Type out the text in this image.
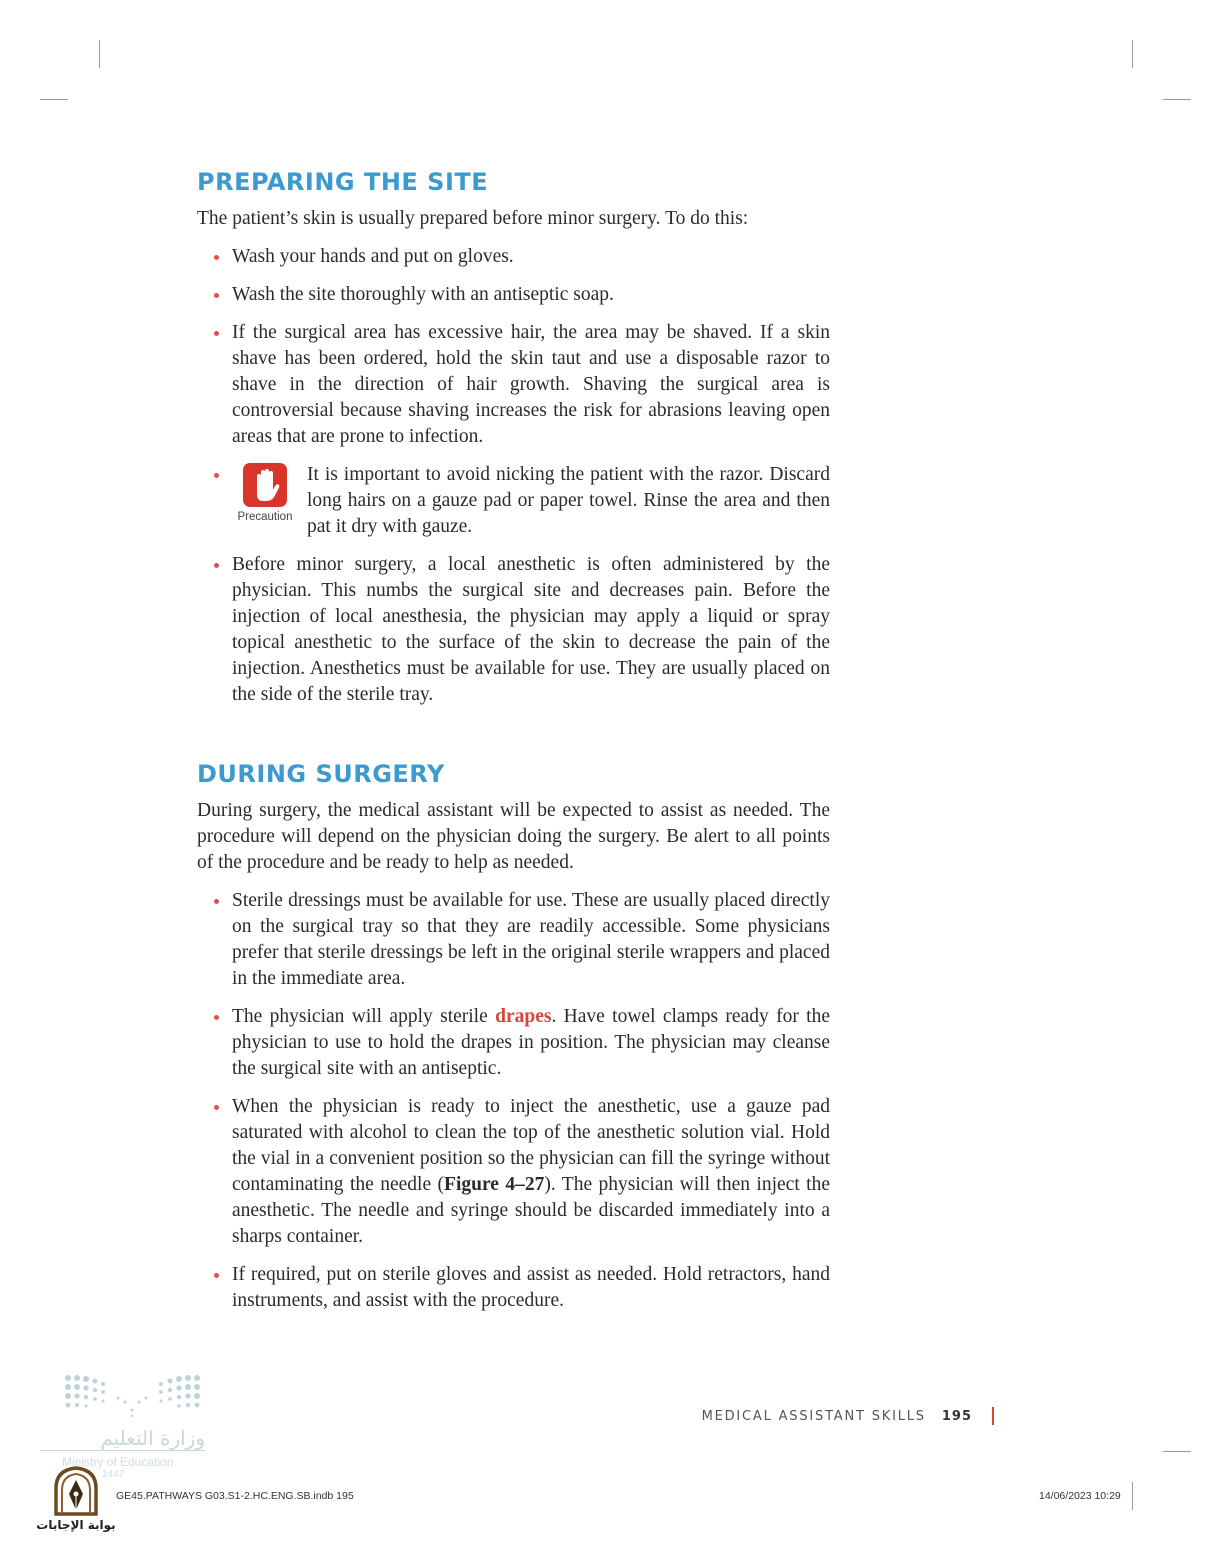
PREPARING THE SITE

The patient’s skin is usually prepared before minor surgery. To do this:

Wash your hands and put on gloves.
Wash the site thoroughly with an antiseptic soap.
If the surgical area has excessive hair, the area may be shaved. If a skin shave has been ordered, hold the skin taut and use a disposable razor to shave in the direction of hair growth. Shaving the surgical area is controversial because shaving increases the risk for abrasions leaving open areas that are prone to infection.
Precaution
It is important to avoid nicking the patient with the razor. Discard long hairs on a gauze pad or paper towel. Rinse the area and then pat it dry with gauze.
Before minor surgery, a local anesthetic is often administered by the physician. This numbs the surgical site and decreases pain. Before the injection of local anesthesia, the physician may apply a liquid or spray topical anesthetic to the surface of the skin to decrease the pain of the injection. Anesthetics must be available for use. They are usually placed on the side of the sterile tray.
DURING SURGERY

During surgery, the medical assistant will be expected to assist as needed. The procedure will depend on the physician doing the surgery. Be alert to all points of the procedure and be ready to help as needed.

Sterile dressings must be available for use. These are usually placed directly on the surgical tray so that they are readily accessible. Some physicians prefer that sterile dressings be left in the original sterile wrappers and placed in the immediate area.
The physician will apply sterile drapes. Have towel clamps ready for the physician to use to hold the drapes in position. The physician may cleanse the surgical site with an antiseptic.
When the physician is ready to inject the anesthetic, use a gauze pad saturated with alcohol to clean the top of the anesthetic solution vial. Hold the vial in a convenient position so the physician can fill the syringe without contaminating the needle (Figure 4–27). The physician will then inject the anesthetic. The needle and syringe should be discarded immediately into a sharps container.
If required, put on sterile gloves and assist as needed. Hold retractors, hand instruments, and assist with the procedure.
MEDICAL ASSISTANT SKILLS 195
GE45.PATHWAYS G03.S1-2.HC.ENG.SB.indb 195	14/06/2023 10:29
وزارة التعليم
Ministry of Education
1447
بوابة الإجابات
